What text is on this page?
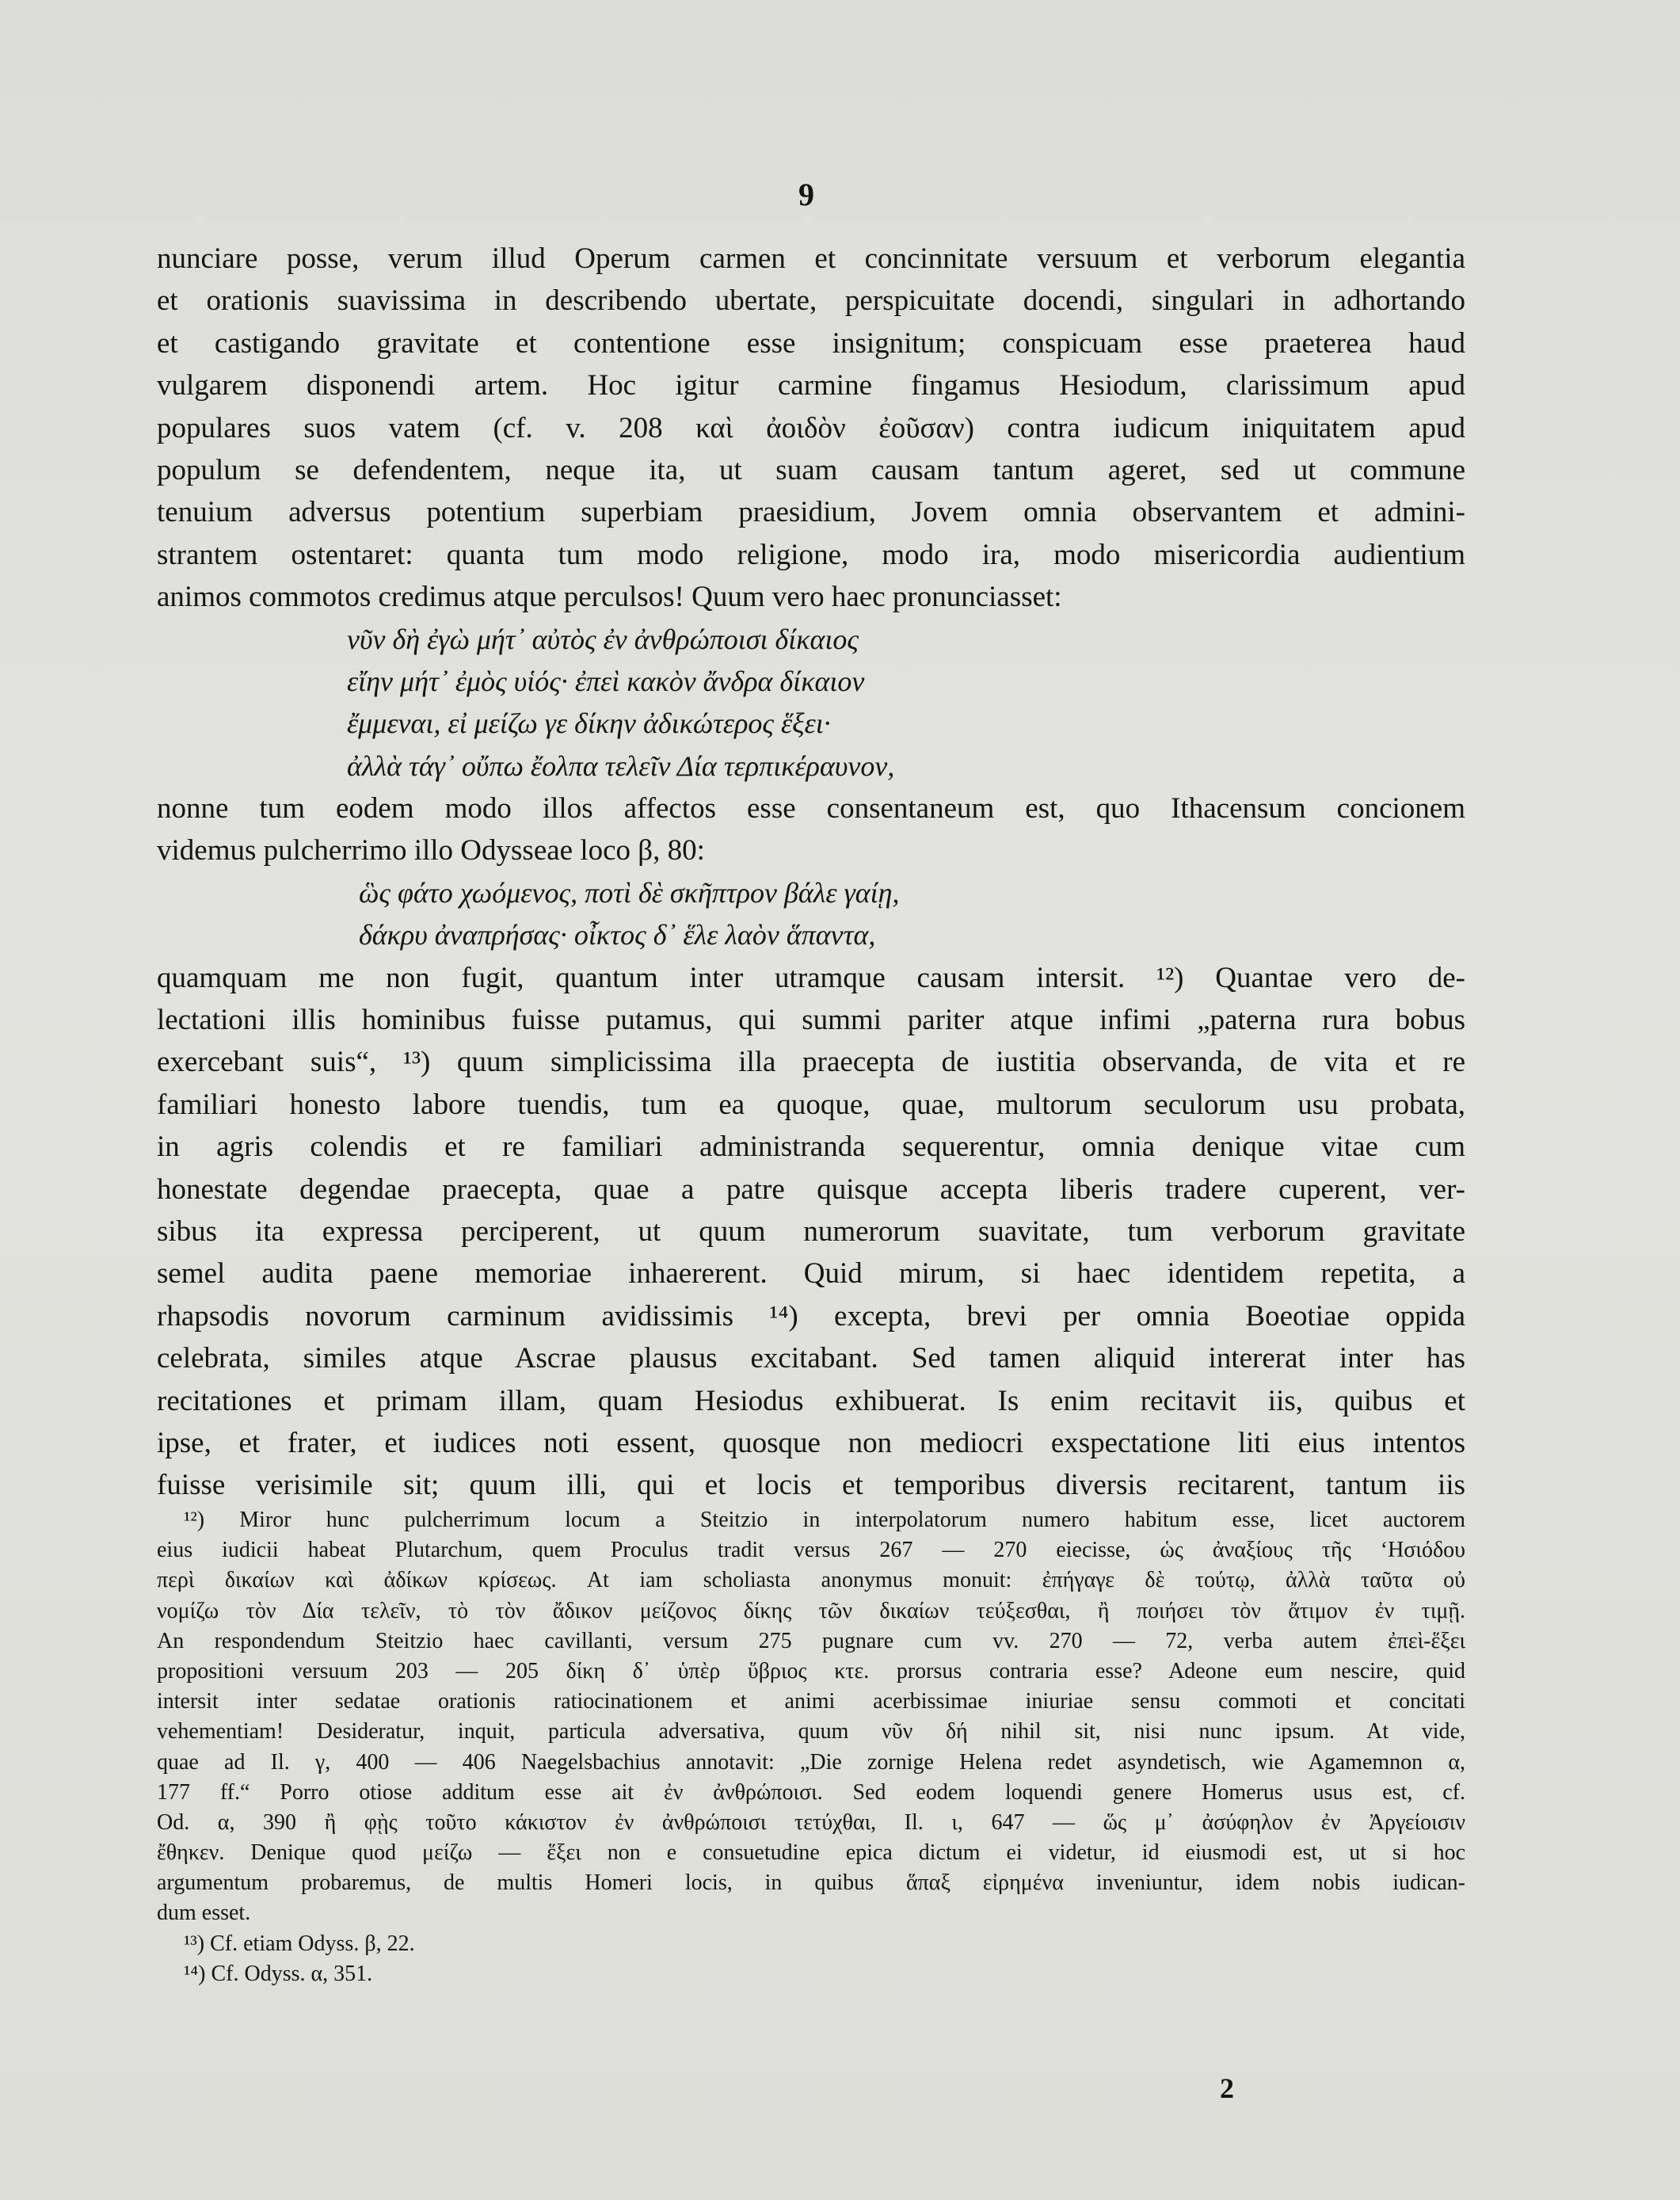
9
nunciare posse, verum illud Operum carmen et concinnitate versuum et verborum elegantia
et orationis suavissima in describendo ubertate, perspicuitate docendi, singulari in adhortando
et castigando gravitate et contentione esse insignitum; conspicuam esse praeterea haud
vulgarem disponendi artem. Hoc igitur carmine fingamus Hesiodum, clarissimum apud
populares suos vatem (cf. v. 208 καὶ ἀοιδὸν ἐοῦσαν) contra iudicum iniquitatem apud
populum se defendentem, neque ita, ut suam causam tantum ageret, sed ut commune
tenuium adversus potentium superbiam praesidium, Jovem omnia observantem et admini-
strantem ostentaret: quanta tum modo religione, modo ira, modo misericordia audientium
animos commotos credimus atque perculsos! Quum vero haec pronunciasset:
νῦν δὴ ἐγὼ μήτ᾽ αὐτὸς ἐν ἀνθρώποισι δίκαιος
εἴην μήτ᾽ ἐμὸς υἱός· ἐπεὶ κακὸν ἄνδρα δίκαιον
ἔμμεναι, εἰ μείζω γε δίκην ἀδικώτερος ἕξει·
ἀλλὰ τάγ᾽ οὔπω ἔολπα τελεῖν Δία τερπικέραυνον,
nonne tum eodem modo illos affectos esse consentaneum est, quo Ithacensum concionem
videmus pulcherrimo illo Odysseae loco β, 80:
ὣς φάτο χωόμενος, ποτὶ δὲ σκῆπτρον βάλε γαίῃ,
δάκρυ ἀναπρήσας· οἶκτος δ᾽ ἕλε λαὸν ἅπαντα,
quamquam me non fugit, quantum inter utramque causam intersit. ¹²) Quantae vero de-
lectationi illis hominibus fuisse putamus, qui summi pariter atque infimi „paterna rura bobus
exercebant suis“, ¹³) quum simplicissima illa praecepta de iustitia observanda, de vita et re
familiari honesto labore tuendis, tum ea quoque, quae, multorum seculorum usu probata,
in agris colendis et re familiari administranda sequerentur, omnia denique vitae cum
honestate degendae praecepta, quae a patre quisque accepta liberis tradere cuperent, ver-
sibus ita expressa perciperent, ut quum numerorum suavitate, tum verborum gravitate
semel audita paene memoriae inhaererent. Quid mirum, si haec identidem repetita, a
rhapsodis novorum carminum avidissimis ¹⁴) excepta, brevi per omnia Boeotiae oppida
celebrata, similes atque Ascrae plausus excitabant. Sed tamen aliquid intererat inter has
recitationes et primam illam, quam Hesiodus exhibuerat. Is enim recitavit iis, quibus et
ipse, et frater, et iudices noti essent, quosque non mediocri exspectatione liti eius intentos
fuisse verisimile sit; quum illi, qui et locis et temporibus diversis recitarent, tantum iis
¹²) Miror hunc pulcherrimum locum a Steitzio in interpolatorum numero habitum esse, licet auctorem
eius iudicii habeat Plutarchum, quem Proculus tradit versus 267 — 270 eiecisse, ὡς ἀναξίους τῆς ‘Ησιόδου
περὶ δικαίων καὶ ἀδίκων κρίσεως. At iam scholiasta anonymus monuit: ἐπήγαγε δὲ τούτῳ, ἀλλὰ ταῦτα οὐ
νομίζω τὸν Δία τελεῖν, τὸ τὸν ἄδικον μείζονος δίκης τῶν δικαίων τεύξεσθαι, ἢ ποιήσει τὸν ἄτιμον ἐν τιμῇ.
An respondendum Steitzio haec cavillanti, versum 275 pugnare cum vv. 270 — 72, verba autem ἐπεὶ-ἕξει
propositioni versuum 203 — 205 δίκη δ᾽ ὑπὲρ ὕβριος κτε. prorsus contraria esse? Adeone eum nescire, quid
intersit inter sedatae orationis ratiocinationem et animi acerbissimae iniuriae sensu commoti et concitati
vehementiam! Desideratur, inquit, particula adversativa, quum νῦν δή nihil sit, nisi nunc ipsum. At vide,
quae ad Il. γ, 400 — 406 Naegelsbachius annotavit: „Die zornige Helena redet asyndetisch, wie Agamemnon α,
177 ff.“ Porro otiose additum esse ait ἐν ἀνθρώποισι. Sed eodem loquendi genere Homerus usus est, cf.
Od. α, 390 ἢ φῂς τοῦτο κάκιστον ἐν ἀνθρώποισι τετύχθαι, Il. ι, 647 — ὥς μ᾽ ἀσύφηλον ἐν Ἀργείοισιν
ἔθηκεν. Denique quod μείζω — ἕξει non e consuetudine epica dictum ei videtur, id eiusmodi est, ut si hoc
argumentum probaremus, de multis Homeri locis, in quibus ἅπαξ εἰρημένα inveniuntur, idem nobis iudican-
dum esset.
¹³) Cf. etiam Odyss. β, 22.
¹⁴) Cf. Odyss. α, 351.
2
